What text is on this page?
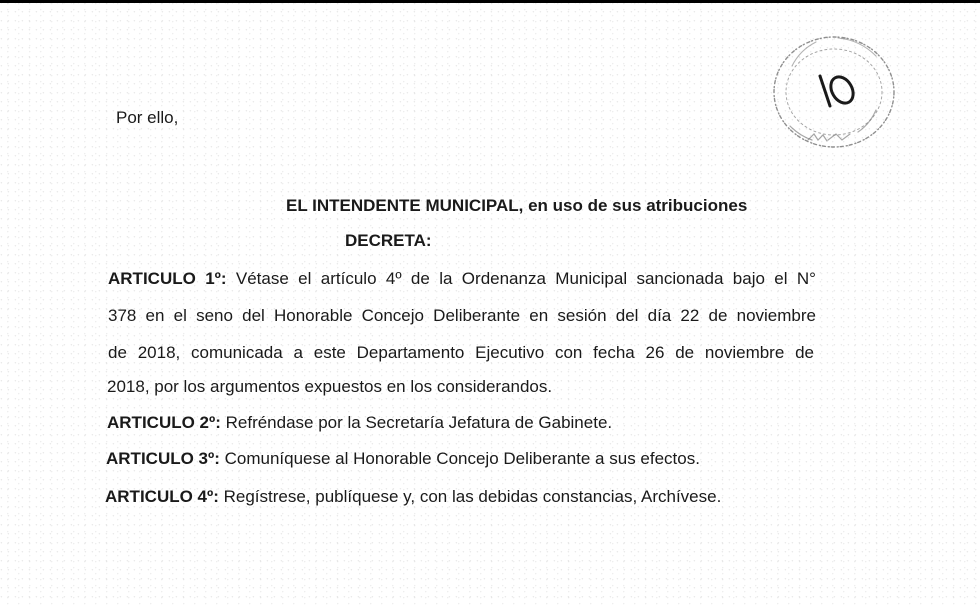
Por ello,
EL INTENDENTE MUNICIPAL, en uso de sus atribuciones
DECRETA:
ARTICULO 1º: Vétase el artículo 4º de la Ordenanza Municipal sancionada bajo el N°
378 en el seno del Honorable Concejo Deliberante en sesión del día 22 de noviembre
de 2018, comunicada a este Departamento Ejecutivo con fecha 26 de noviembre de
2018, por los argumentos expuestos en los considerandos.
ARTICULO 2º: Refréndase por la Secretaría Jefatura de Gabinete.
ARTICULO 3º: Comuníquese al Honorable Concejo Deliberante a sus efectos.
ARTICULO 4º: Regístrese, publíquese y, con las debidas constancias, Archívese.
